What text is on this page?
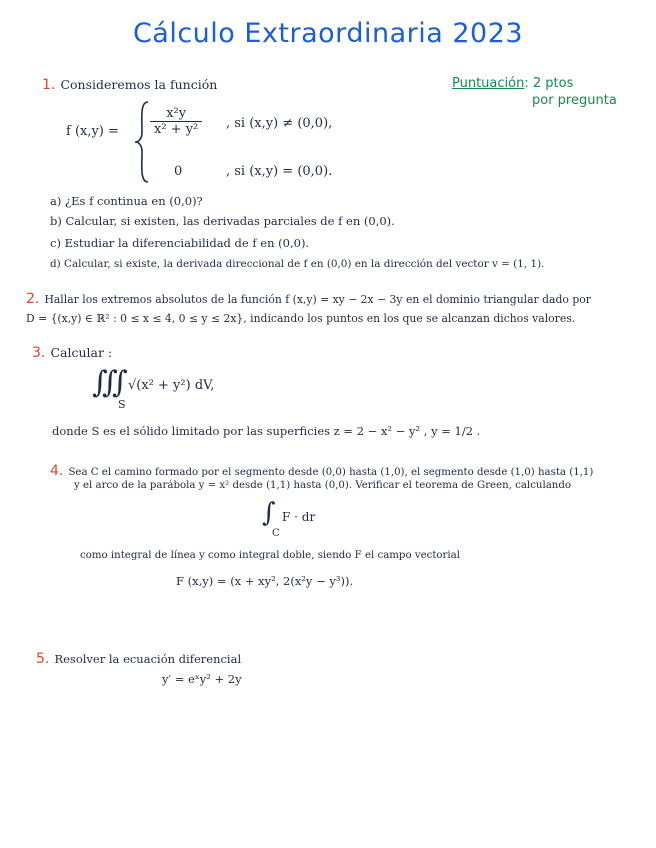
Cálculo Extraordinaria 2023
Puntuación: 2 ptos
por pregunta
1. Consideremos la función
f $(x,y) = \frac{\text{x²y}}{\text{x² + y²}}$ , si (x,y) ≠ (0,0),
0	, si (x,y) = (0,0).
a) ¿Es f continua en (0,0)?
b) Calcular, si existen, las derivadas parciales de f en (0,0).
c) Estudiar la diferenciabilidad de f en (0,0).
d) Calcular, si existe, la derivada direccional de f en (0,0) en la dirección del vector v = (1, 1).
2. Hallar los extremos absolutos de la función f (x,y) = xy − 2x − 3y en el dominio triangular dado por
D = {(x,y) ∈ ℝ² : 0 ≤ x ≤ 4, 0 ≤ y ≤ 2x}, indicando los puntos en los que se alcanzan dichos valores.
3. Calcular :
∭
S
√(x² + y²) dV,
donde S es el sólido limitado por las superficies z = 2 − x² − y² , y = 1/2 .
4. Sea C el camino formado por el segmento desde (0,0) hasta (1,0), el segmento desde (1,0) hasta (1,1)
y el arco de la parábola y = x² desde (1,1) hasta (0,0). Verificar el teorema de Green, calculando
∫
C
F · dr
como integral de línea y como integral doble, siendo F el campo vectorial
F (x,y) = (x + xy², 2(x²y − y³)).
5. Resolver la ecuación diferencial
y′ = eˣy² + 2y
